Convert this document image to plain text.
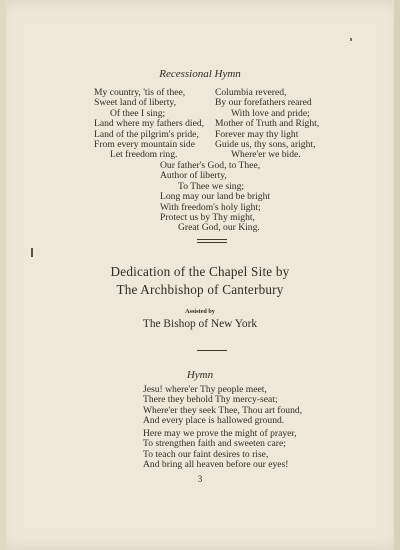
Recessional Hymn
My country, 'tis of thee,
Sweet land of liberty,
Of thee I sing;
Land where my fathers died,
Land of the pilgrim's pride,
From every mountain side
Let freedom ring.
Columbia revered,
By our forefathers reared
With love and pride;
Mother of Truth and Right,
Forever may thy light
Guide us, thy sons, aright,
Where'er we bide.
Our father's God, to Thee,
Author of liberty,
To Thee we sing;
Long may our land be bright
With freedom's holy light;
Protect us by Thy might,
Great God, our King.
Dedication of the Chapel Site by
The Archbishop of Canterbury
Assisted by
The Bishop of New York
Hymn
Jesu! where'er Thy people meet,
There they behold Thy mercy-seat;
Where'er they seek Thee, Thou art found,
And every place is hallowed ground.
Here may we prove the might of prayer,
To strengthen faith and sweeten care;
To teach our faint desires to rise,
And bring all heaven before our eyes!
3
